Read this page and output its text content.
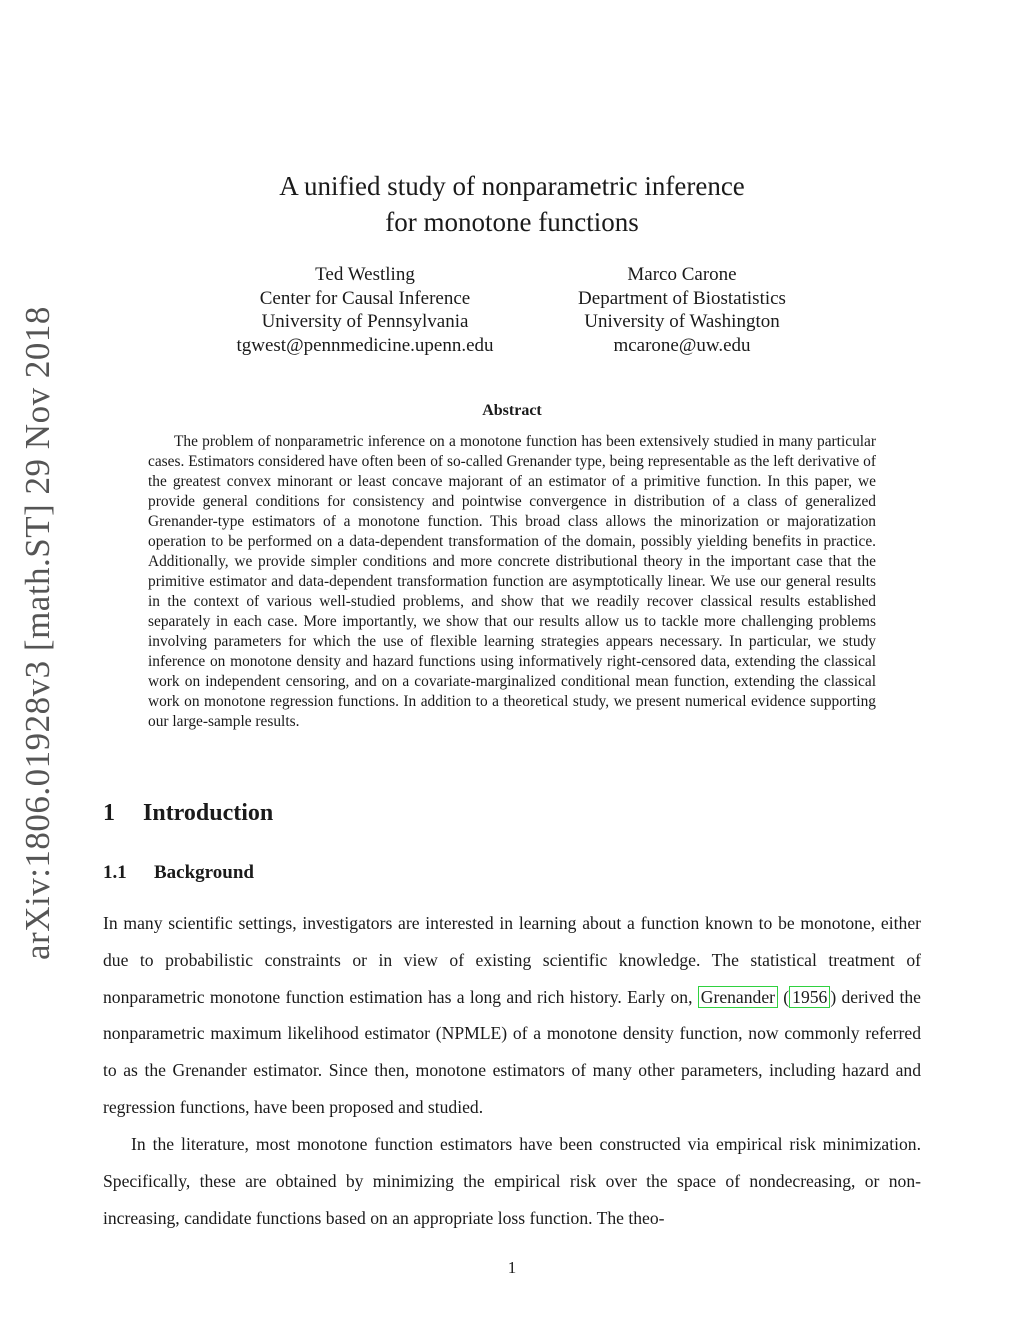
arXiv:1806.01928v3 [math.ST] 29 Nov 2018
A unified study of nonparametric inference
for monotone functions
Ted Westling
Center for Causal Inference
University of Pennsylvania
tgwest@pennmedicine.upenn.edu
Marco Carone
Department of Biostatistics
University of Washington
mcarone@uw.edu
Abstract

The problem of nonparametric inference on a monotone function has been extensively studied in many particular cases. Estimators considered have often been of so-called Grenander type, being representable as the left derivative of the greatest convex minorant or least concave majorant of an estimator of a primitive function. In this paper, we provide general conditions for consistency and pointwise convergence in distribution of a class of generalized Grenander-type estimators of a monotone function. This broad class allows the minorization or majoratization operation to be performed on a data-dependent transformation of the domain, possibly yielding benefits in practice. Additionally, we provide simpler conditions and more concrete distributional theory in the important case that the primitive estimator and data-dependent transformation function are asymptotically linear. We use our general results in the context of various well-studied problems, and show that we readily recover classical results established separately in each case. More importantly, we show that our results allow us to tackle more challenging problems involving parameters for which the use of flexible learning strategies appears necessary. In particular, we study inference on monotone density and hazard functions using informatively right-censored data, extending the classical work on independent censoring, and on a covariate-marginalized conditional mean function, extending the classical work on monotone regression functions. In addition to a theoretical study, we present numerical evidence supporting our large-sample results.

1 Introduction
1.1 Background

In many scientific settings, investigators are interested in learning about a function known to be monotone, either due to probabilistic constraints or in view of existing scientific knowledge. The statistical treatment of nonparametric monotone function estimation has a long and rich history. Early on, Grenander ( 1956 ) derived the nonparametric maximum likelihood estimator (NPMLE) of a monotone density function, now commonly referred to as the Grenander estimator. Since then, monotone estimators of many other parameters, including hazard and regression functions, have been proposed and studied.

In the literature, most monotone function estimators have been constructed via empirical risk minimization. Specifically, these are obtained by minimizing the empirical risk over the space of nondecreasing, or non-increasing, candidate functions based on an appropriate loss function. The theo-

1
